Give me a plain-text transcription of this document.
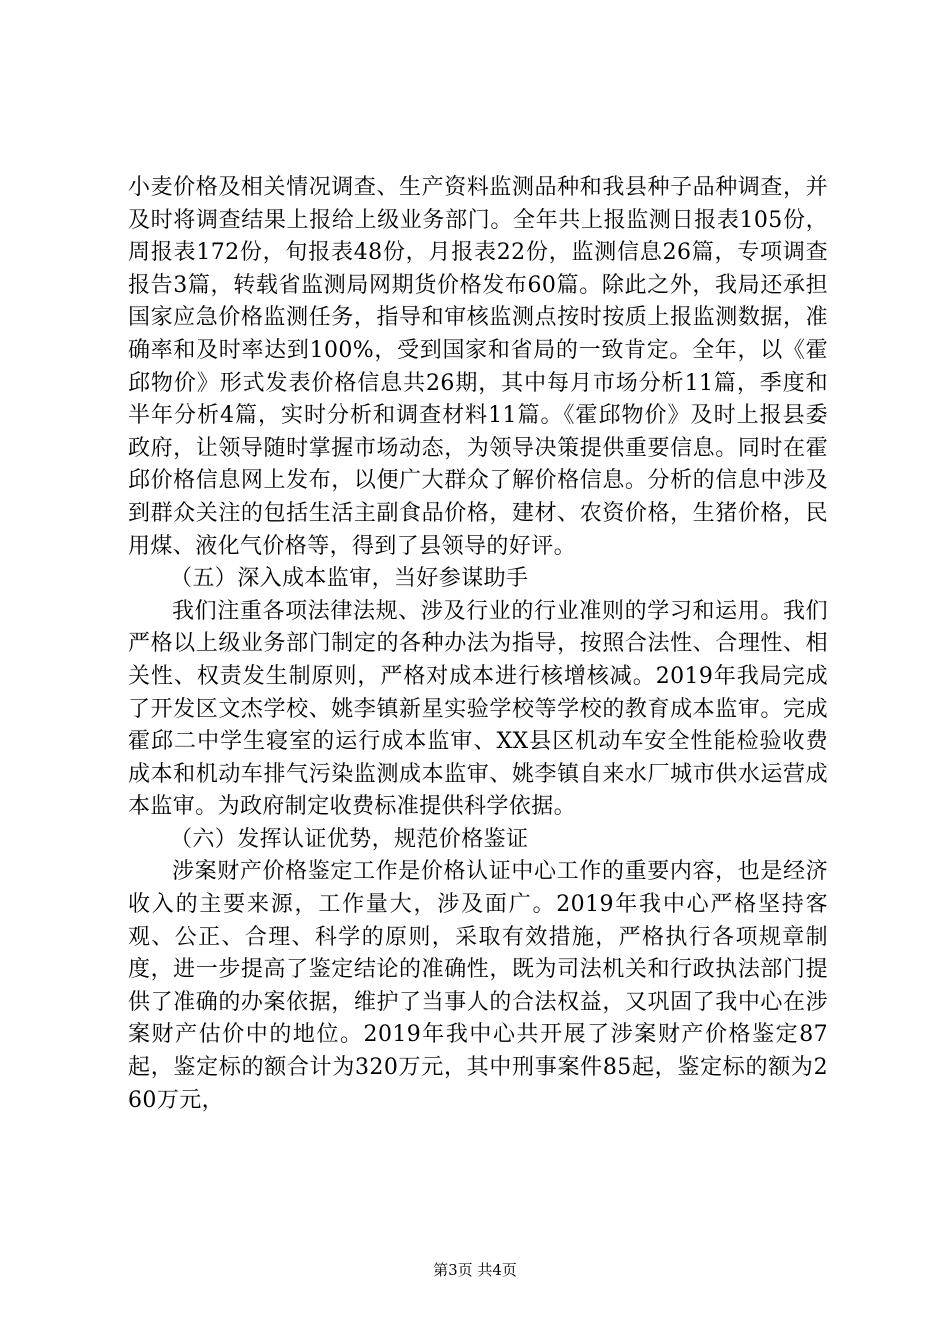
小麦价格及相关情况调查、生产资料监测品种和我县种子品种调查，并及时将调查结果上报给上级业务部门。全年共上报监测日报表105份，周报表172份，旬报表48份，月报表22份，监测信息26篇，专项调查报告3篇，转载省监测局网期货价格发布60篇。除此之外，我局还承担国家应急价格监测任务，指导和审核监测点按时按质上报监测数据，准确率和及时率达到100%，受到国家和省局的一致肯定。全年，以《霍邱物价》形式发表价格信息共26期，其中每月市场分析11篇，季度和半年分析4篇，实时分析和调查材料11篇。《霍邱物价》及时上报县委政府，让领导随时掌握市场动态，为领导决策提供重要信息。同时在霍邱价格信息网上发布，以便广大群众了解价格信息。分析的信息中涉及到群众关注的包括生活主副食品价格，建材、农资价格，生猪价格，民用煤、液化气价格等，得到了县领导的好评。

（五）深入成本监审，当好参谋助手

我们注重各项法律法规、涉及行业的行业准则的学习和运用。我们严格以上级业务部门制定的各种办法为指导，按照合法性、合理性、相关性、权责发生制原则，严格对成本进行核增核减。2019年我局完成了开发区文杰学校、姚李镇新星实验学校等学校的教育成本监审。完成霍邱二中学生寝室的运行成本监审、XX县区机动车安全性能检验收费成本和机动车排气污染监测成本监审、姚李镇自来水厂城市供水运营成本监审。为政府制定收费标准提供科学依据。

（六）发挥认证优势，规范价格鉴证

涉案财产价格鉴定工作是价格认证中心工作的重要内容，也是经济收入的主要来源，工作量大，涉及面广。2019年我中心严格坚持客观、公正、合理、科学的原则，采取有效措施，严格执行各项规章制度，进一步提高了鉴定结论的准确性，既为司法机关和行政执法部门提供了准确的办案依据，维护了当事人的合法权益，又巩固了我中心在涉案财产估价中的地位。2019年我中心共开展了涉案财产价格鉴定87起，鉴定标的额合计为320万元，其中刑事案件85起，鉴定标的额为260万元，

第3页 共4页
